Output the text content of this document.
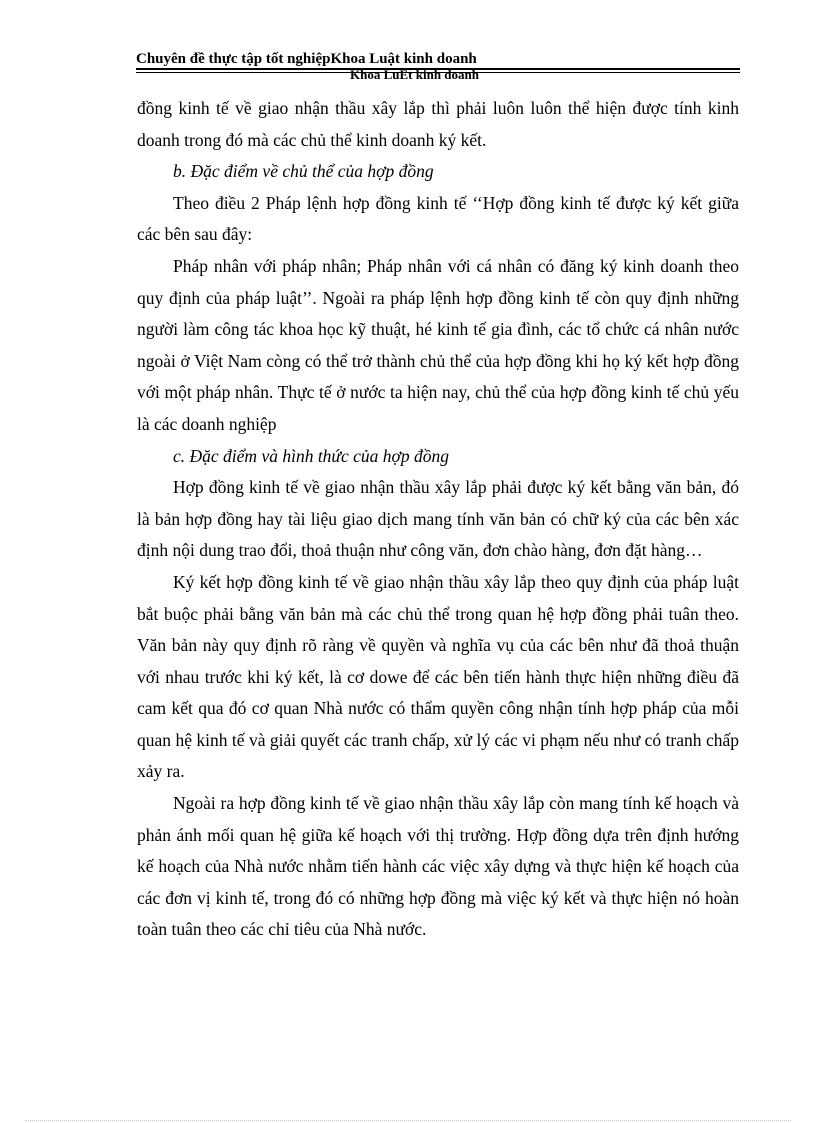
Chuyên đề thực tập tốt nghiệpKhoa Luật kinh doanh
Khoa LuËt kinh doanh

đồng kinh tế về giao nhận thầu xây lắp thì phải luôn luôn thể hiện được tính kinh doanh trong đó mà các chủ thể kinh doanh ký kết.

b. Đặc điểm về chủ thể của hợp đồng

Theo điều 2 Pháp lệnh hợp đồng kinh tế ‘‘Hợp đồng kinh tế được ký kết giữa các bên sau đây:

Pháp nhân với pháp nhân; Pháp nhân với cá nhân có đăng ký kinh doanh theo quy định của pháp luật’’. Ngoài ra pháp lệnh hợp đồng kinh tế còn quy định những người làm công tác khoa học kỹ thuật, hé kinh tế gia đình, các tổ chức cá nhân nước ngoài ở Việt Nam còng có thể trở thành chủ thể của hợp đồng khi họ ký kết hợp đồng với một pháp nhân. Thực tế ở nước ta hiện nay, chủ thể của hợp đồng kinh tế chủ yếu là các doanh nghiệp

c. Đặc điểm và hình thức của hợp đồng

Hợp đồng kinh tế về giao nhận thầu xây lắp phải được ký kết bằng văn bản, đó là bản hợp đồng hay tài liệu giao dịch mang tính văn bản có chữ ký của các bên xác định nội dung trao đổi, thoả thuận như công văn, đơn chào hàng, đơn đặt hàng…

Ký kết hợp đồng kinh tế về giao nhận thầu xây lắp theo quy định của pháp luật bắt buộc phải bằng văn bản mà các chủ thể trong quan hệ hợp đồng phải tuân theo. Văn bản này quy định rõ ràng về quyền và nghĩa vụ của các bên như đã thoả thuận với nhau trước khi ký kết, là cơ dowe để các bên tiến hành thực hiện những điều đã cam kết qua đó cơ quan Nhà nước có thẩm quyền công nhận tính hợp pháp của mỗi quan hệ kinh tế và giải quyết các tranh chấp, xử lý các vi phạm nếu như có tranh chấp xảy ra.

Ngoài ra hợp đồng kinh tế về giao nhận thầu xây lắp còn mang tính kế hoạch và phản ánh mối quan hệ giữa kế hoạch với thị trường. Hợp đồng dựa trên định hướng kế hoạch của Nhà nước nhằm tiến hành các việc xây dựng và thực hiện kế hoạch của các đơn vị kinh tế, trong đó có những hợp đồng mà việc ký kết và thực hiện nó hoàn toàn tuân theo các chỉ tiêu của Nhà nước.
